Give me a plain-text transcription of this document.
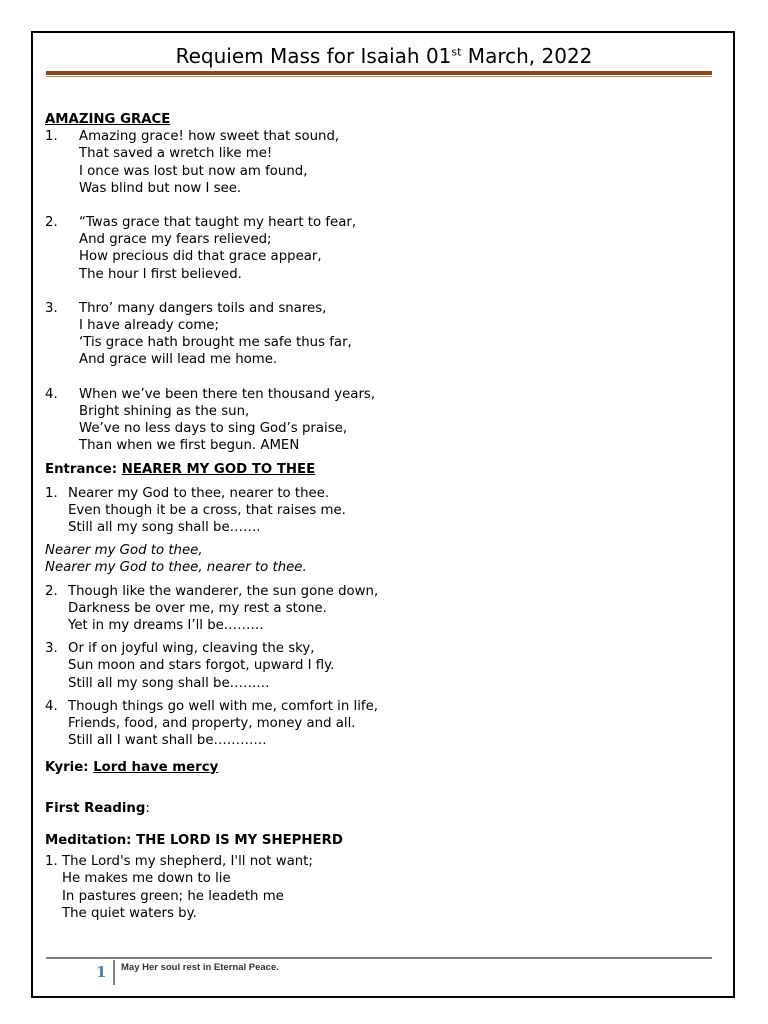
Requiem Mass for Isaiah 01st March, 2022
AMAZING GRACE
1.	Amazing grace! how sweet that sound,
That saved a wretch like me!
I once was lost but now am found,
Was blind but now I see.
2.	“Twas grace that taught my heart to fear,
And grace my fears relieved;
How precious did that grace appear,
The hour I first believed.
3.	Thro’ many dangers toils and snares,
I have already come;
‘Tis grace hath brought me safe thus far,
And grace will lead me home.
4.	When we’ve been there ten thousand years,
Bright shining as the sun,
We’ve no less days to sing God’s praise,
Than when we first begun. AMEN
Entrance: NEARER MY GOD TO THEE
1. Nearer my God to thee, nearer to thee.
Even though it be a cross, that raises me.
Still all my song shall be…….
Nearer my God to thee,
Nearer my God to thee, nearer to thee.
2. Though like the wanderer, the sun gone down,
Darkness be over me, my rest a stone.
Yet in my dreams I’ll be………
3. Or if on joyful wing, cleaving the sky,
Sun moon and stars forgot, upward I fly.
Still all my song shall be………
4. Though things go well with me, comfort in life,
Friends, food, and property, money and all.
Still all I want shall be…………
Kyrie: Lord have mercy
First Reading:
Meditation: THE LORD IS MY SHEPHERD
1. The Lord's my shepherd, I'll not want;
He makes me down to lie
In pastures green; he leadeth me
The quiet waters by.
1 May Her soul rest in Eternal Peace.
